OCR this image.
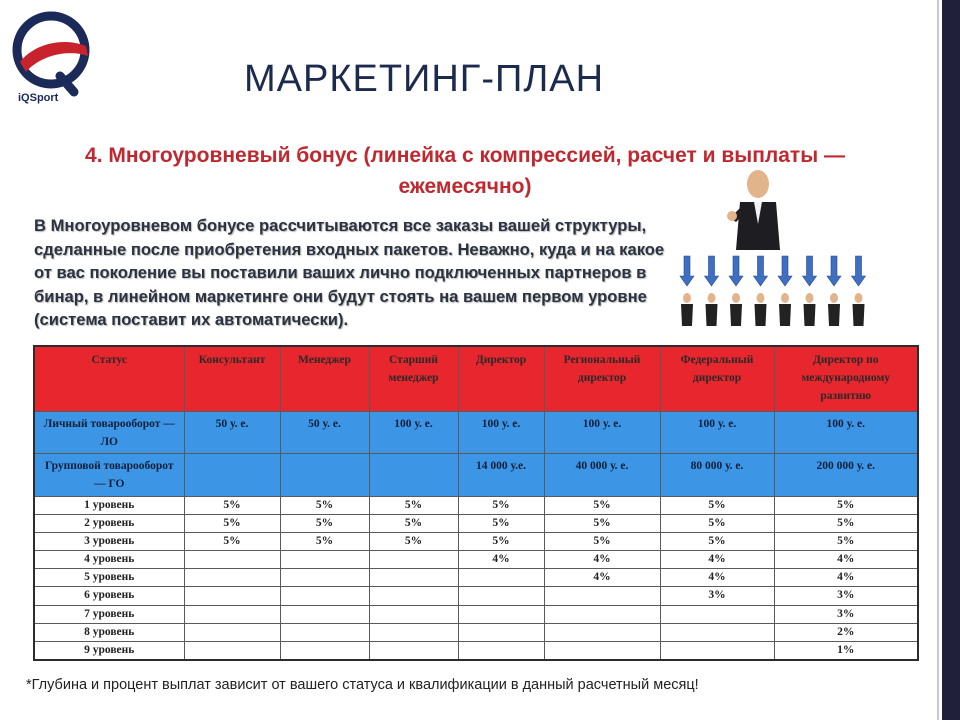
iQSport	МАРКЕТИНГ-ПЛАН
4. Многоуровневый бонус (линейка с компрессией, расчет и выплаты — ежемесячно)
В Многоуровневом бонусе рассчитываются все заказы вашей структуры, сделанные после приобретения входных пакетов. Неважно, куда и на какое от вас поколение вы поставили ваших лично подключенных партнеров в бинар, в линейном маркетинге они будут стоять на вашем первом уровне (система поставит их автоматически).
Статус	Консультант	Менеджер	Старший менеджер	Директор	Региональный директор	Федеральный директор	Директор по международному развитию
Личный товарооборот — ЛО	50 у. е.	50 у. е.	100 у. е.	100 у. е.	100 у. е.	100 у. е.	100 у. е.
Групповой товарооборот — ГО				14 000 у.е.	40 000 у. е.	80 000 у. е.	200 000 у. е.
1 уровень	5%	5%	5%	5%	5%	5%	5%
2 уровень	5%	5%	5%	5%	5%	5%	5%
3 уровень	5%	5%	5%	5%	5%	5%	5%
4 уровень				4%	4%	4%	4%
5 уровень					4%	4%	4%
6 уровень						3%	3%
7 уровень							3%
8 уровень							2%
9 уровень							1%
*Глубина и процент выплат зависит от вашего статуса и квалификации в данный расчетный месяц!
